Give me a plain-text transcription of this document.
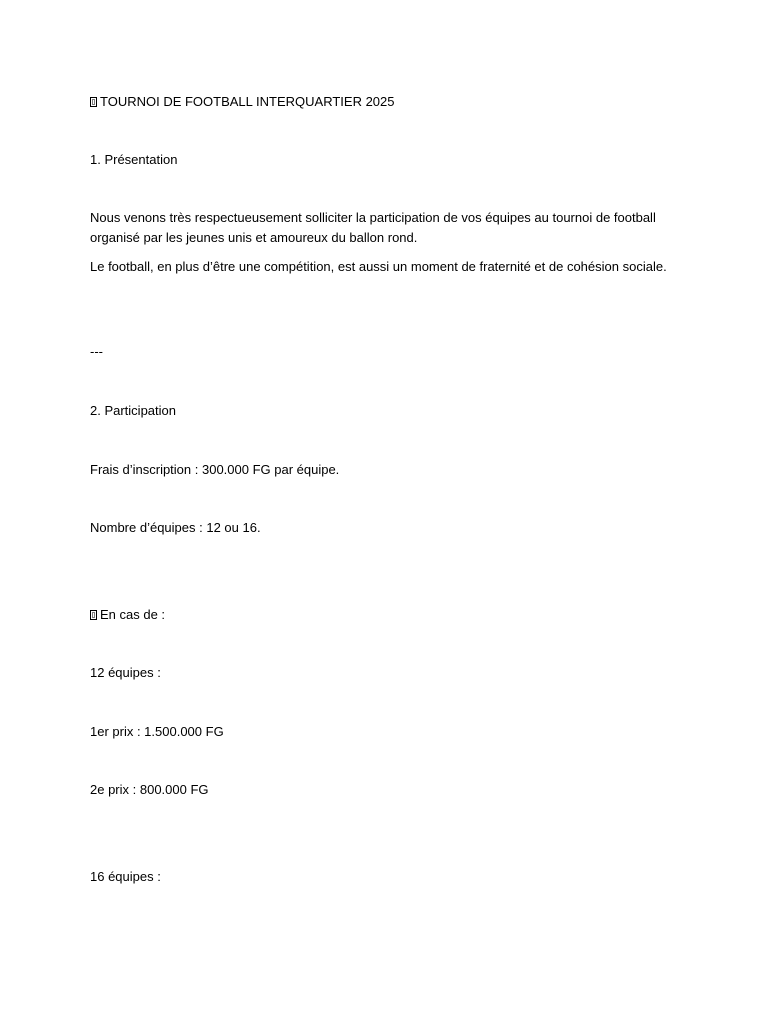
TOURNOI DE FOOTBALL INTERQUARTIER 2025
1. Présentation
Nous venons très respectueusement solliciter la participation de vos équipes au tournoi de football organisé par les jeunes unis et amoureux du ballon rond.
Le football, en plus d’être une compétition, est aussi un moment de fraternité et de cohésion sociale.
---
2. Participation
Frais d’inscription : 300.000 FG par équipe.
Nombre d’équipes : 12 ou 16.
En cas de :
12 équipes :
1er prix : 1.500.000 FG
2e prix : 800.000 FG
16 équipes :
